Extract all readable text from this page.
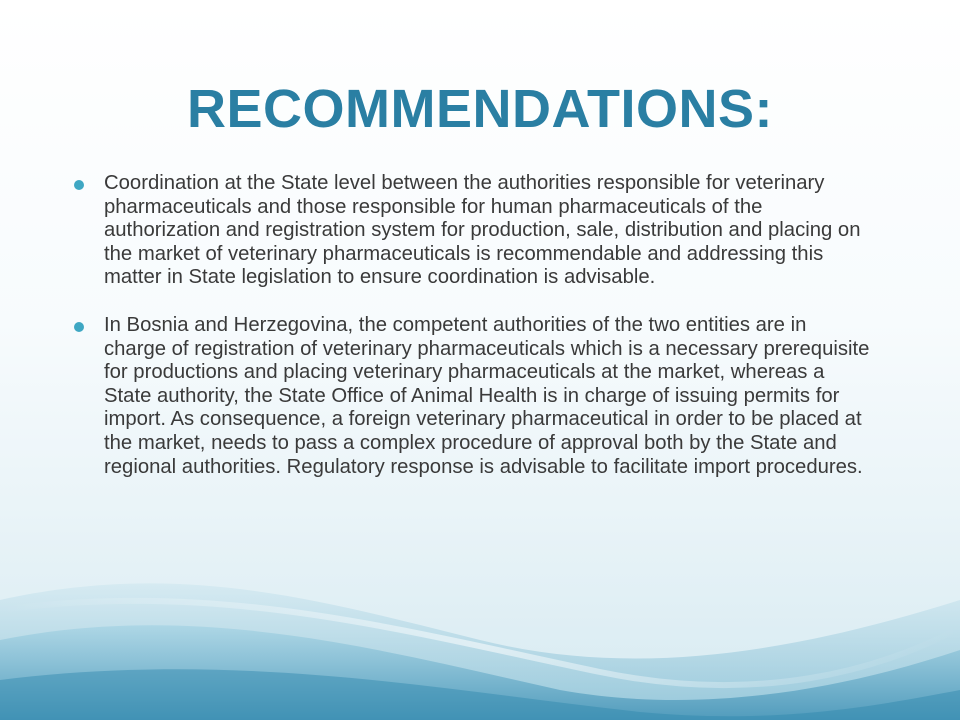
RECOMMENDATIONS:
Coordination at the State level between the authorities responsible for veterinary pharmaceuticals and those responsible for human pharmaceuticals of the authorization and registration system for production, sale, distribution and placing on the market of veterinary pharmaceuticals is recommendable and addressing this matter in State legislation to ensure coordination is advisable.
In Bosnia and Herzegovina, the competent authorities of the two entities are in charge of registration of veterinary pharmaceuticals which is a necessary prerequisite for productions and placing veterinary pharmaceuticals at the market, whereas a State authority, the State Office of Animal Health is in charge of issuing permits for import. As consequence, a foreign veterinary pharmaceutical in order to be placed at the market, needs to pass a complex procedure of approval both by the State and regional authorities. Regulatory response is advisable to facilitate import procedures.
